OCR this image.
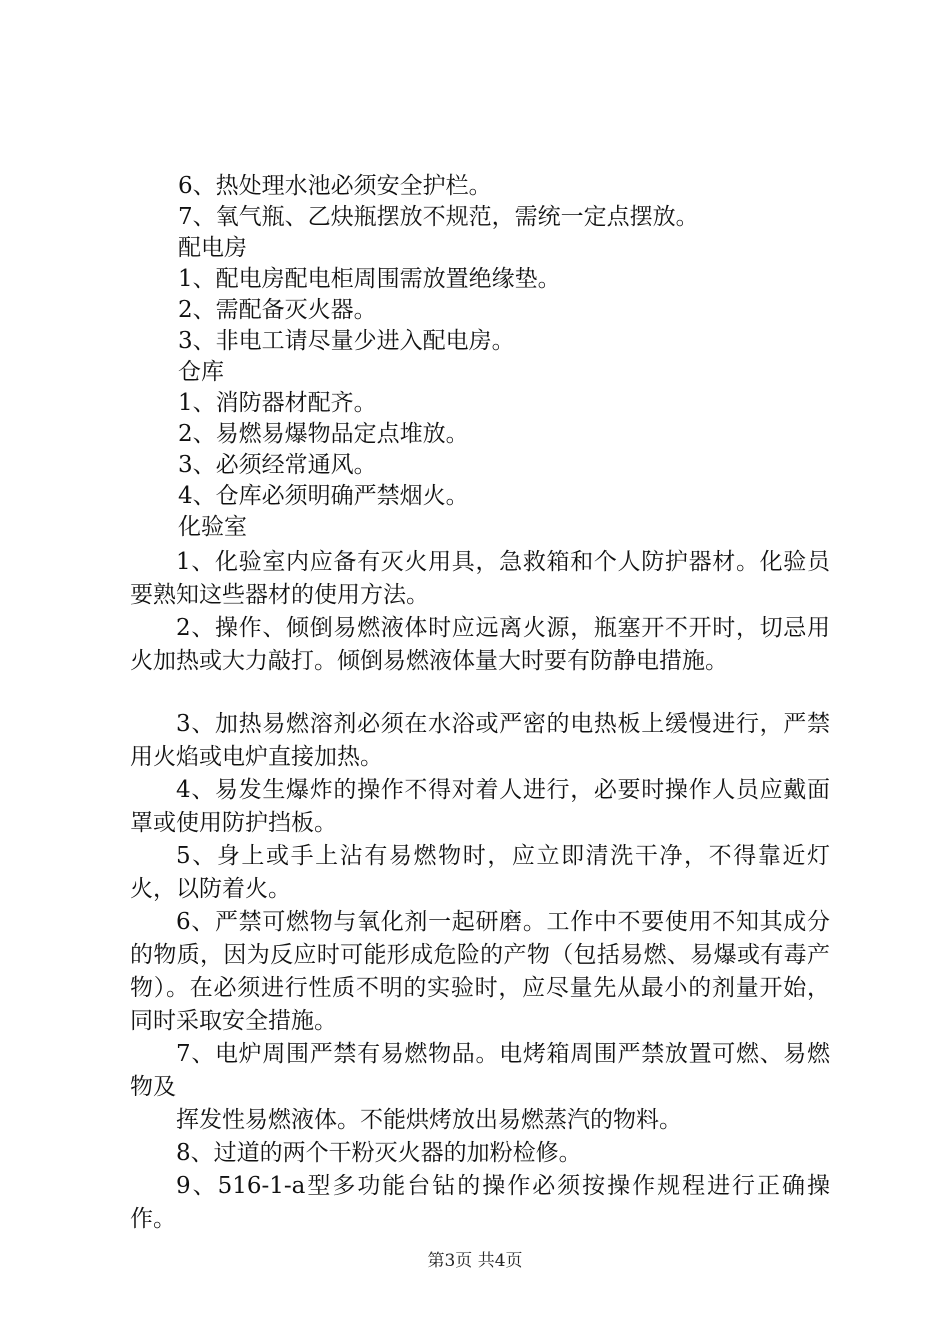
6、热处理水池必须安全护栏。

7、氧气瓶、乙炔瓶摆放不规范，需统一定点摆放。

配电房

1、配电房配电柜周围需放置绝缘垫。

2、需配备灭火器。

3、非电工请尽量少进入配电房。

仓库

1、消防器材配齐。

2、易燃易爆物品定点堆放。

3、必须经常通风。

4、仓库必须明确严禁烟火。

化验室

1、化验室内应备有灭火用具，急救箱和个人防护器材。化验员要熟知这些器材的使用方法。

2、操作、倾倒易燃液体时应远离火源，瓶塞开不开时，切忌用火加热或大力敲打。倾倒易燃液体量大时要有防静电措施。

3、加热易燃溶剂必须在水浴或严密的电热板上缓慢进行，严禁用火焰或电炉直接加热。

4、易发生爆炸的操作不得对着人进行，必要时操作人员应戴面罩或使用防护挡板。

5、身上或手上沾有易燃物时，应立即清洗干净，不得靠近灯火，以防着火。

6、严禁可燃物与氧化剂一起研磨。工作中不要使用不知其成分的物质，因为反应时可能形成危险的产物（包括易燃、易爆或有毒产物）。在必须进行性质不明的实验时，应尽量先从最小的剂量开始，同时采取安全措施。

7、电炉周围严禁有易燃物品。电烤箱周围严禁放置可燃、易燃物及

挥发性易燃液体。不能烘烤放出易燃蒸汽的物料。

8、过道的两个干粉灭火器的加粉检修。

9、516-1-a型多功能台钻的操作必须按操作规程进行正确操作。

第3页 共4页
